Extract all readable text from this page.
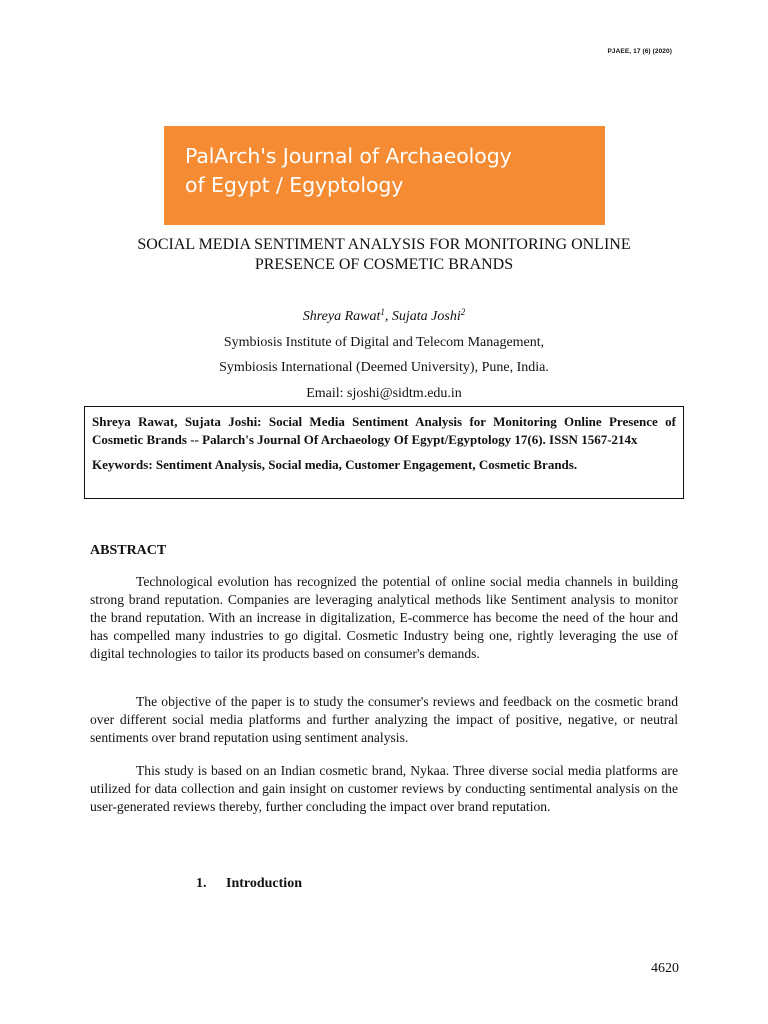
PJAEE, 17 (6) (2020)
PalArch's Journal of Archaeology
of Egypt / Egyptology
SOCIAL MEDIA SENTIMENT ANALYSIS FOR MONITORING ONLINE
PRESENCE OF COSMETIC BRANDS
Shreya Rawat$^1$, Sujata Joshi$^2$
Symbiosis Institute of Digital and Telecom Management,
Symbiosis International (Deemed University), Pune, India.
Email: sjoshi@sidtm.edu.in
Shreya Rawat, Sujata Joshi: Social Media Sentiment Analysis for Monitoring Online Presence of Cosmetic Brands -- Palarch's Journal Of Archaeology Of Egypt/Egyptology 17(6). ISSN 1567-214x
Keywords: Sentiment Analysis, Social media, Customer Engagement, Cosmetic Brands.
ABSTRACT
Technological evolution has recognized the potential of online social media channels in building strong brand reputation. Companies are leveraging analytical methods like Sentiment analysis to monitor the brand reputation. With an increase in digitalization, E-commerce has become the need of the hour and has compelled many industries to go digital. Cosmetic Industry being one, rightly leveraging the use of digital technologies to tailor its products based on consumer's demands.
The objective of the paper is to study the consumer's reviews and feedback on the cosmetic brand over different social media platforms and further analyzing the impact of positive, negative, or neutral sentiments over brand reputation using sentiment analysis.
This study is based on an Indian cosmetic brand, Nykaa. Three diverse social media platforms are utilized for data collection and gain insight on customer reviews by conducting sentimental analysis on the user-generated reviews thereby, further concluding the impact over brand reputation.
1. Introduction
4620
